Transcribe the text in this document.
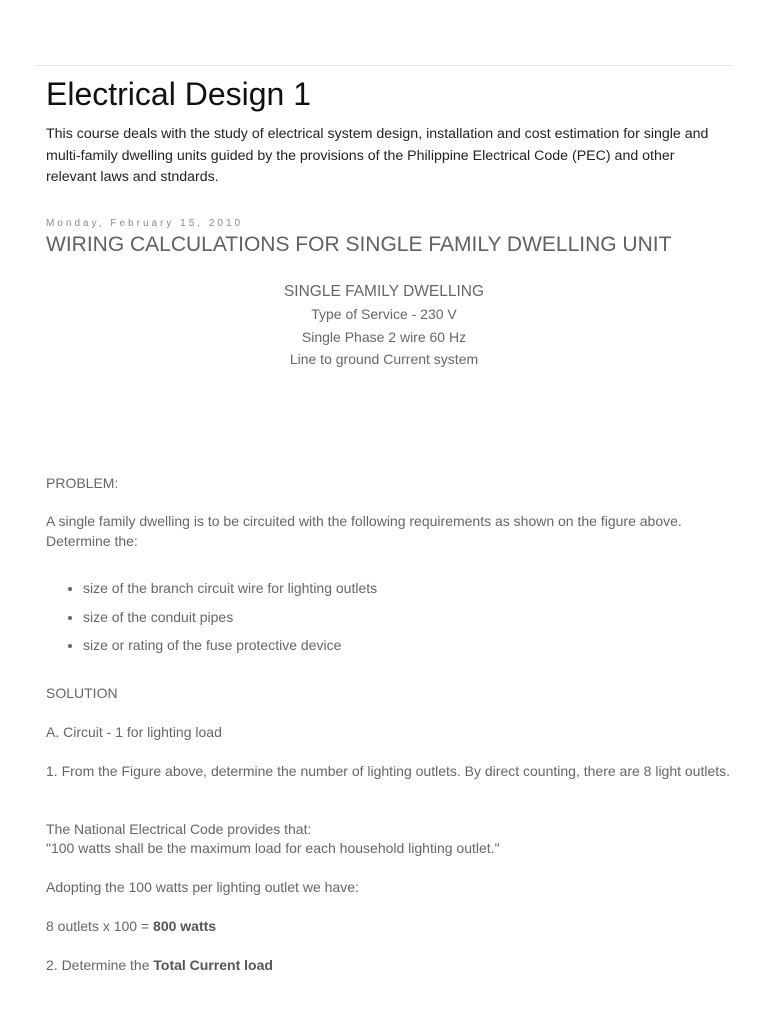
Electrical Design 1

This course deals with the study of electrical system design, installation and cost estimation for single and multi-family dwelling units guided by the provisions of the Philippine Electrical Code (PEC) and other relevant laws and stndards.

Monday, February 15, 2010
WIRING CALCULATIONS FOR SINGLE FAMILY DWELLING UNIT
SINGLE FAMILY DWELLING
Type of Service - 230 V
Single Phase 2 wire 60 Hz
Line to ground Current system

PROBLEM:

A single family dwelling is to be circuited with the following requirements as shown on the figure above. Determine the:

• size of the branch circuit wire for lighting outlets
• size of the conduit pipes
• size or rating of the fuse protective device

SOLUTION

A. Circuit - 1 for lighting load

1. From the Figure above, determine the number of lighting outlets. By direct counting, there are 8 light outlets.

The National Electrical Code provides that:

"100 watts shall be the maximum load for each household lighting outlet."

Adopting the 100 watts per lighting outlet we have:

8 outlets x 100 = 800 watts

2. Determine the Total Current load
